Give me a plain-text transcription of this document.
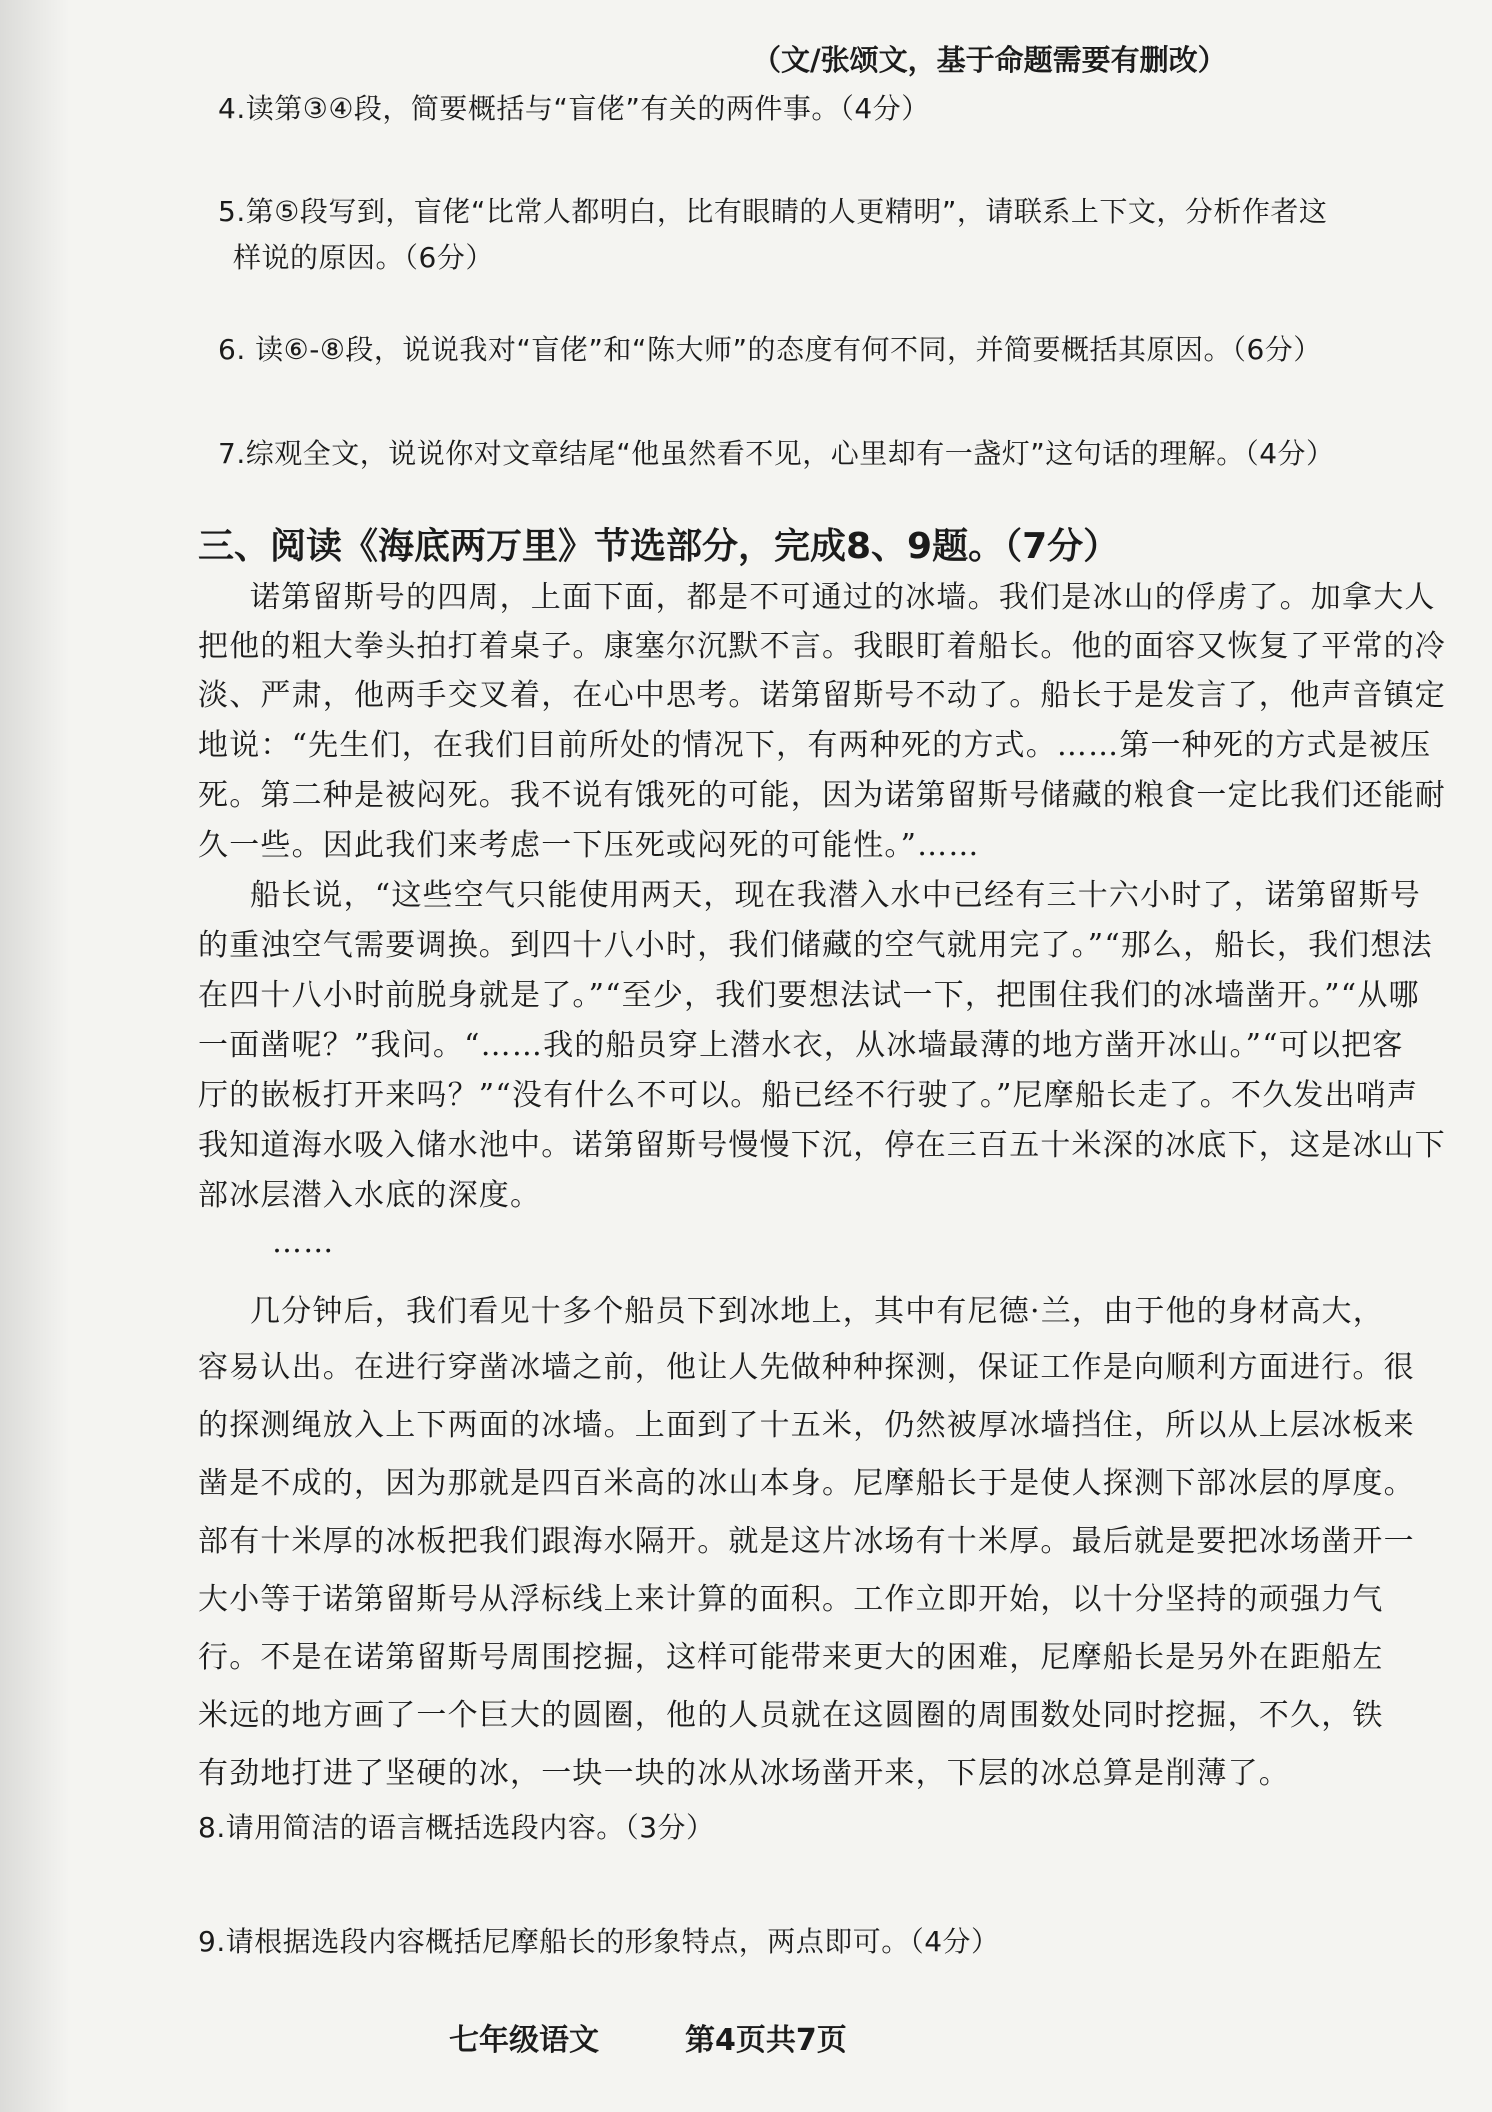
（文/张颂文，基于命题需要有删改）
4.读第③④段，简要概括与“盲佬”有关的两件事。（4分）
5.第⑤段写到，盲佬“比常人都明白，比有眼睛的人更精明”，请联系上下文，分析作者这
样说的原因。（6分）
6. 读⑥-⑧段，说说我对“盲佬”和“陈大师”的态度有何不同，并简要概括其原因。（6分）
7.综观全文，说说你对文章结尾“他虽然看不见，心里却有一盏灯”这句话的理解。（4分）
三、阅读《海底两万里》节选部分，完成8、9题。（7分）
诺第留斯号的四周，上面下面，都是不可通过的冰墙。我们是冰山的俘虏了。加拿大人
把他的粗大拳头拍打着桌子。康塞尔沉默不言。我眼盯着船长。他的面容又恢复了平常的冷
淡、严肃，他两手交叉着，在心中思考。诺第留斯号不动了。船长于是发言了，他声音镇定
地说：“先生们，在我们目前所处的情况下，有两种死的方式。……第一种死的方式是被压
死。第二种是被闷死。我不说有饿死的可能，因为诺第留斯号储藏的粮食一定比我们还能耐
久一些。因此我们来考虑一下压死或闷死的可能性。”……
船长说，“这些空气只能使用两天，现在我潜入水中已经有三十六小时了，诺第留斯号
的重浊空气需要调换。到四十八小时，我们储藏的空气就用完了。”“那么，船长，我们想法
在四十八小时前脱身就是了。”“至少，我们要想法试一下，把围住我们的冰墙凿开。”“从哪
一面凿呢？”我问。“……我的船员穿上潜水衣，从冰墙最薄的地方凿开冰山。”“可以把客
厅的嵌板打开来吗？”“没有什么不可以。船已经不行驶了。”尼摩船长走了。不久发出哨声
我知道海水吸入储水池中。诺第留斯号慢慢下沉，停在三百五十米深的冰底下，这是冰山下
部冰层潜入水底的深度。
……
几分钟后，我们看见十多个船员下到冰地上，其中有尼德·兰，由于他的身材高大，
容易认出。在进行穿凿冰墙之前，他让人先做种种探测，保证工作是向顺利方面进行。很
的探测绳放入上下两面的冰墙。上面到了十五米，仍然被厚冰墙挡住，所以从上层冰板来
凿是不成的，因为那就是四百米高的冰山本身。尼摩船长于是使人探测下部冰层的厚度。
部有十米厚的冰板把我们跟海水隔开。就是这片冰场有十米厚。最后就是要把冰场凿开一
大小等于诺第留斯号从浮标线上来计算的面积。工作立即开始，以十分坚持的顽强力气
行。不是在诺第留斯号周围挖掘，这样可能带来更大的困难，尼摩船长是另外在距船左
米远的地方画了一个巨大的圆圈，他的人员就在这圆圈的周围数处同时挖掘，不久，铁
有劲地打进了坚硬的冰，一块一块的冰从冰场凿开来，下层的冰总算是削薄了。
8.请用简洁的语言概括选段内容。（3分）
9.请根据选段内容概括尼摩船长的形象特点，两点即可。（4分）
七年级语文	第4页共7页
